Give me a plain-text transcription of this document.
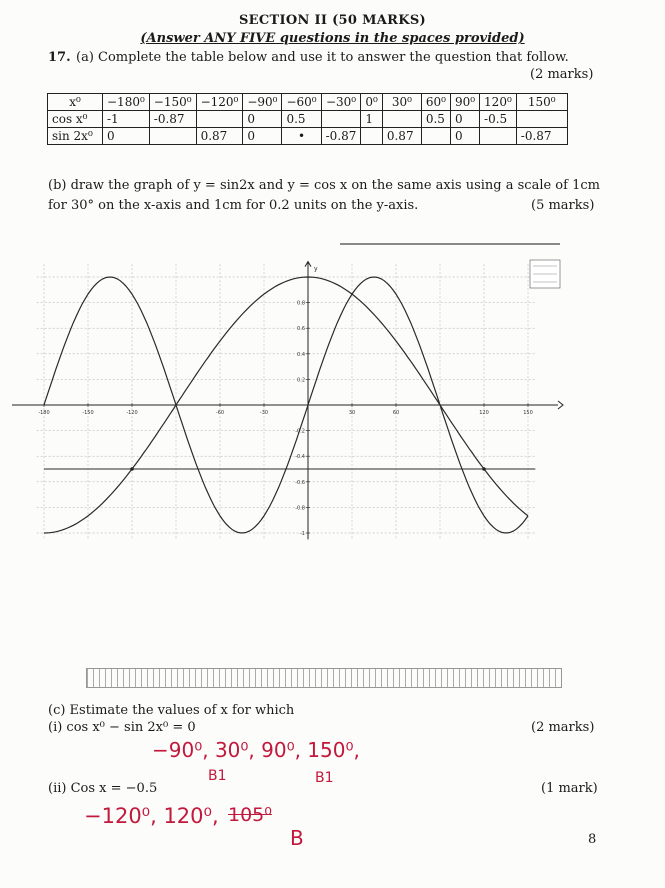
SECTION II (50 MARKS)
(Answer ANY FIVE questions in the spaces provided)
17. (a) Complete the table below and use it to answer the question that follow.
(2 marks)
x⁰	−180⁰	−150⁰	−120⁰	−90⁰	−60⁰	−30⁰	0⁰	30⁰	60⁰	90⁰	120⁰	150⁰
cos x⁰	-1	-0.87		0	0.5		1		0.5	0	-0.5	
sin 2x⁰	0		0.87	0	•	-0.87		0.87		0		-0.87
(b) draw the graph of y = sin2x and y = cos x on the same axis using a scale of 1cm
for 30° on the x-axis and 1cm for 0.2 units on the y-axis.	(5 marks)
y
-180	-150	-120	-60	-30	30	60	120	150
-1
-0.8
-0.6
-0.4
-0.2
0.2
0.4
0.6
0.8
(c) Estimate the values of x for which
(i) cos x⁰ − sin 2x⁰ = 0	(2 marks)
−90⁰, 30⁰, 90⁰, 150⁰,
B1	B1
(ii) Cos x = −0.5	(1 mark)
−120⁰, 120⁰, 105⁰
B	8
